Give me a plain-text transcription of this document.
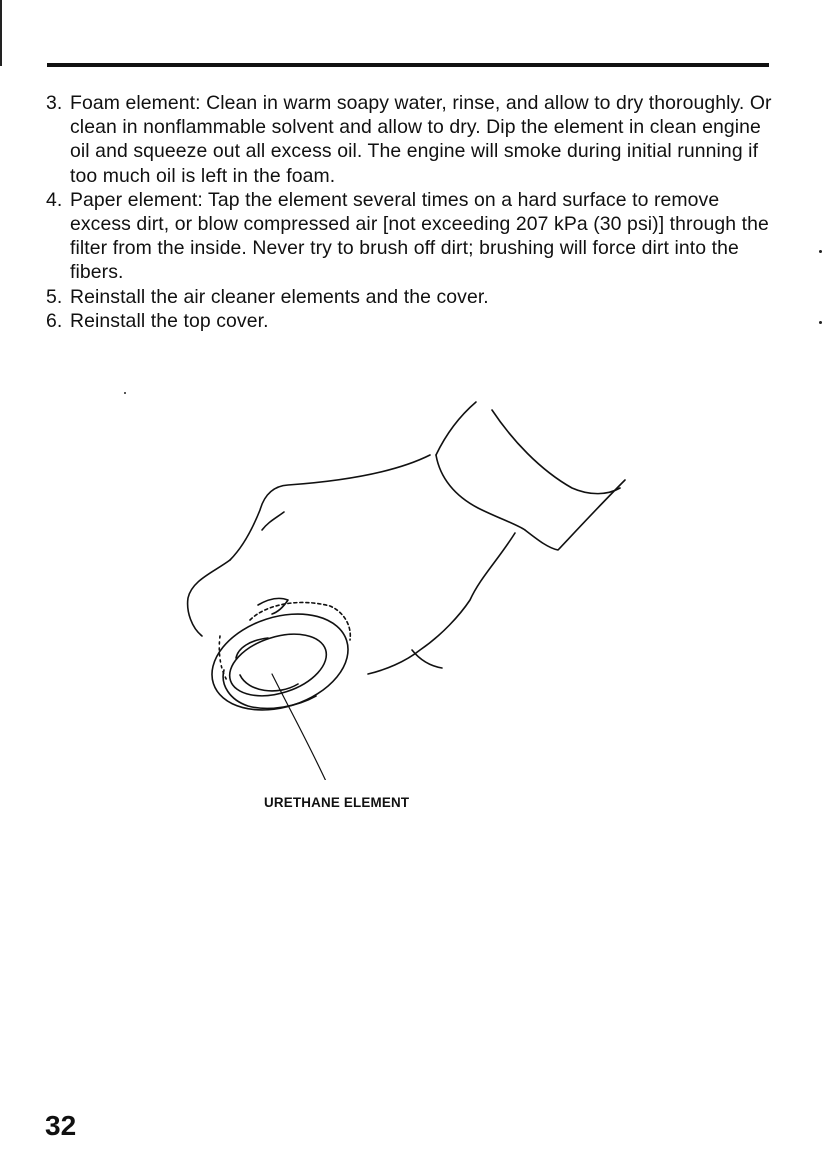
3. Foam element: Clean in warm soapy water, rinse, and allow to dry thoroughly. Or clean in nonflammable solvent and allow to dry. Dip the element in clean engine oil and squeeze out all excess oil. The engine will smoke during initial running if too much oil is left in the foam.
4. Paper element: Tap the element several times on a hard surface to remove excess dirt, or blow compressed air [not exceeding 207 kPa (30 psi)] through the filter from the inside. Never try to brush off dirt; brushing will force dirt into the fibers.
5. Reinstall the air cleaner elements and the cover.
6. Reinstall the top cover.
URETHANE ELEMENT
32
